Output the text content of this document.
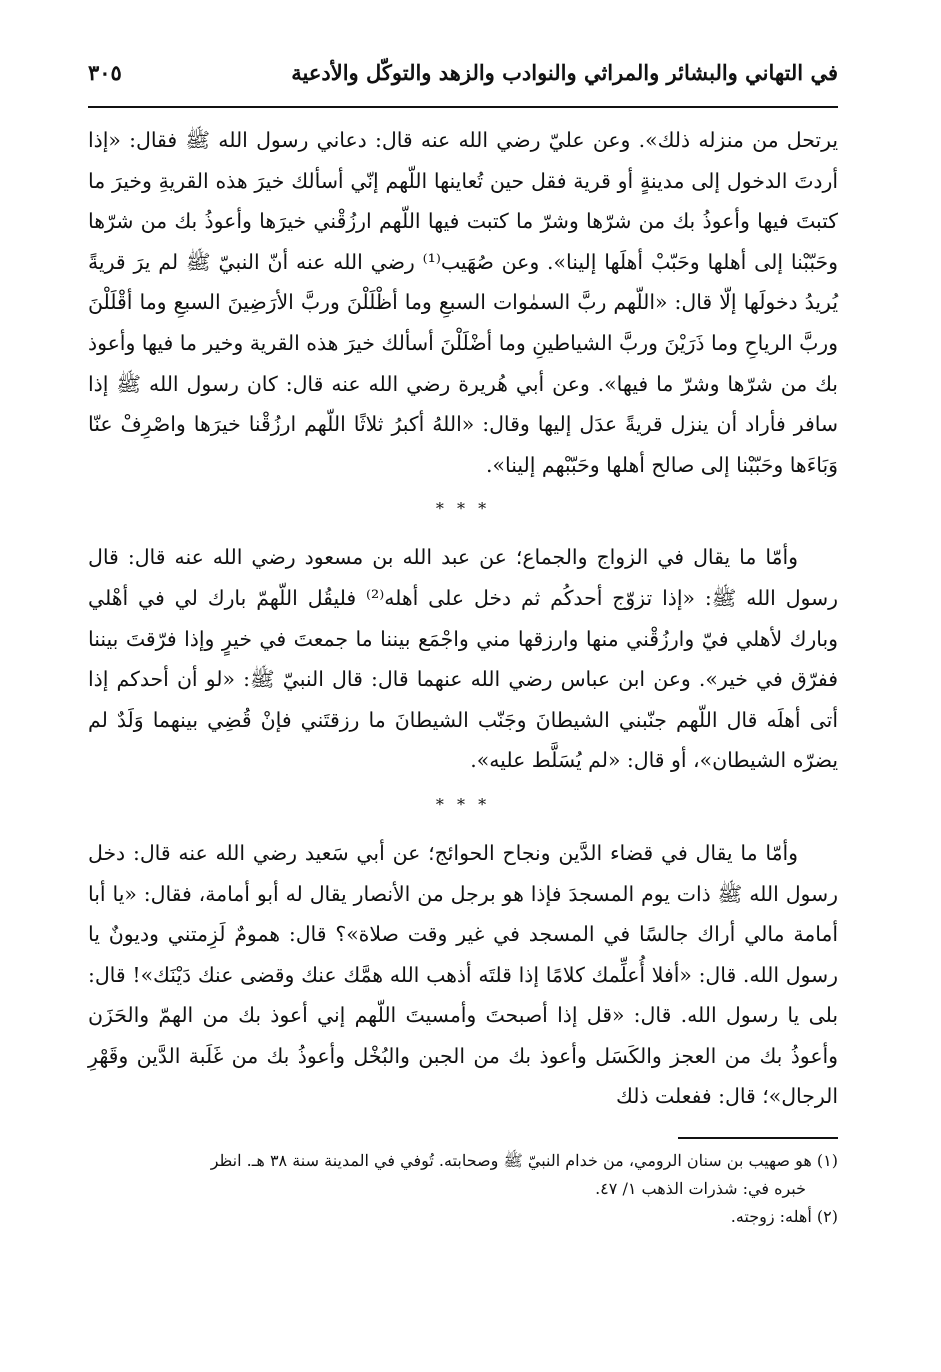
في التهاني والبشائر والمراثي والنوادب والزهد والتوكّل والأدعية
٣٠٥

يرتحل من منزله ذلك». وعن عليّ رضي الله عنه قال: دعاني رسول الله ﷺ فقال: «إذا أردتَ الدخول إلى مدينةٍ أو قرية فقل حين تُعاينها اللّهم إنّي أسألك خيرَ هذه القريةِ وخيرَ ما كتبتَ فيها وأعوذُ بك من شرّها وشرّ ما كتبت فيها اللّهم ارزُقْني خيرَها وأعوذُ بك من شرّها وحَبّبْنا إلى أهلها وحَبّبْ أهلَها إلينا». وعن صُهَيب⁽¹⁾ رضي الله عنه أنّ النبيّ ﷺ لم يرَ قريةً يُريدُ دخولَها إلّا قال: «اللّهم ربَّ السمٰوات السبعِ وما أظْلَلْنَ وربَّ الأرَضِينَ السبعِ وما أقْلَلْنَ وربَّ الرياحِ وما ذَرَيْنَ وربَّ الشياطينِ وما أضْلَلْنَ أسألك خيرَ هذه القرية وخير ما فيها وأعوذ بك من شرّها وشرّ ما فيها». وعن أبي هُريرة رضي الله عنه قال: كان رسول الله ﷺ إذا سافر فأراد أن ينزل قريةً عدَل إليها وقال: «اللهُ أكبرُ ثلاثًا اللّهم ارزُقْنا خيرَها واصْرِفْ عنّا وَبَاءَها وحَبّبْنا إلى صالح أهلها وحَبّبْهم إلينا».

* * *

وأمّا ما يقال في الزواج والجماع؛ عن عبد الله بن مسعود رضي الله عنه قال: قال رسول الله ﷺ: «إذا تزوّج أحدكُم ثم دخل على أهله⁽²⁾ فليقُل اللّهمّ بارك لي في أهْلي وبارك لأهلي فيّ وارزُقْني منها وارزقها مني واجْمَع بيننا ما جمعتَ في خيرٍ وإذا فرّقتَ بيننا ففرّق في خير». وعن ابن عباس رضي الله عنهما قال: قال النبيّ ﷺ: «لو أن أحدكم إذا أتى أهلَه قال اللّهم جنّبني الشيطانَ وجَنّب الشيطانَ ما رزقتَني فإنْ قُضِي بينهما وَلَدٌ لم يضرّه الشيطان»، أو قال: «لم يُسَلَّط عليه».

* * *

وأمّا ما يقال في قضاء الدَّين ونجاح الحوائج؛ عن أبي سَعيد رضي الله عنه قال: دخل رسول الله ﷺ ذات يوم المسجدَ فإذا هو برجل من الأنصار يقال له أبو أمامة، فقال: «يا أبا أمامة مالي أراك جالسًا في المسجد في غير وقت صلاة»؟ قال: همومٌ لَزِمتني وديونٌ يا رسول الله. قال: «أفلا أُعلِّمك كلامًا إذا قلتَه أذهب الله همَّك عنك وقضى عنك دَيْنَك»! قال: بلى يا رسول الله. قال: «قل إذا أصبحتَ وأمسيتَ اللّهم إني أعوذ بك من الهمّ والحَزَن وأعوذُ بك من العجز والكَسَل وأعوذ بك من الجبن والبُخْل وأعوذُ بك من غَلَبة الدَّين وقَهْرِ الرجال»؛ قال: ففعلت ذلك

(١) هو صهيب بن سنان الرومي، من خدام النبيّ ﷺ وصحابته. تُوفي في المدينة سنة ٣٨ هـ. انظر

خبره في: شذرات الذهب ١/ ٤٧.

(٢) أهله: زوجته.
